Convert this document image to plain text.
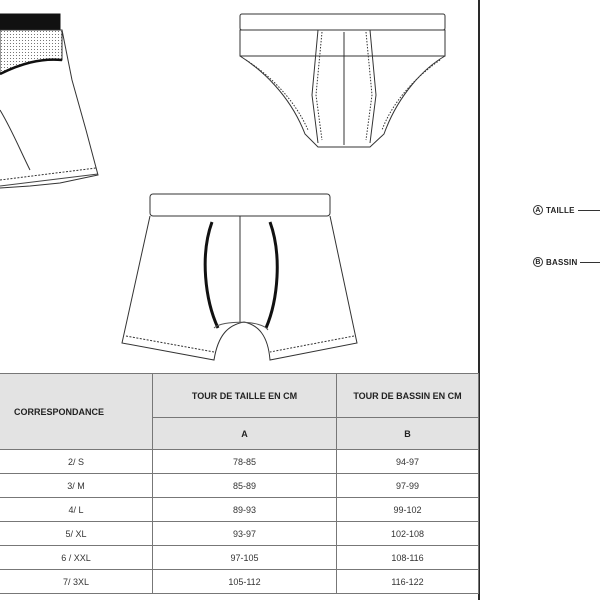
A TAILLE
B BASSIN
CORRESPONDANCE	TOUR DE TAILLE EN CM	TOUR DE BASSIN EN CM
	A	B
2/ S	78-85	94-97
3/ M	85-89	97-99
4/ L	89-93	99-102
5/ XL	93-97	102-108
6 / XXL	97-105	108-116
7/ 3XL	105-112	116-122
